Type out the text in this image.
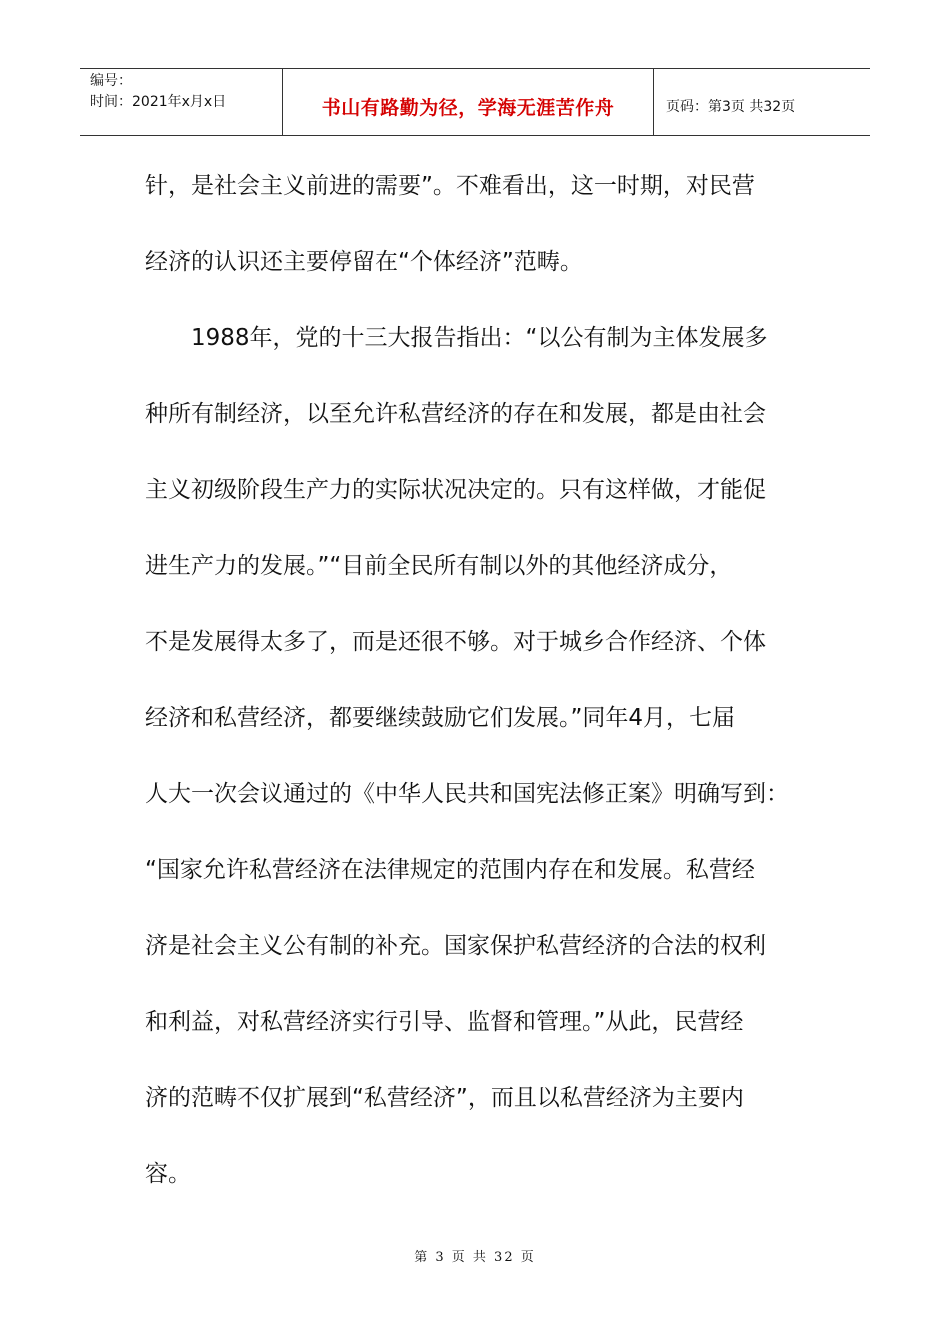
编号：
时间：2021年x月x日	书山有路勤为径，学海无涯苦作舟	页码：第3页 共32页
针，是社会主义前进的需要”。不难看出，这一时期，对民营
经济的认识还主要停留在“个体经济”范畴。
1988年，党的十三大报告指出：“以公有制为主体发展多
种所有制经济，以至允许私营经济的存在和发展，都是由社会
主义初级阶段生产力的实际状况决定的。只有这样做，才能促
进生产力的发展。”“目前全民所有制以外的其他经济成分，
不是发展得太多了，而是还很不够。对于城乡合作经济、个体
经济和私营经济，都要继续鼓励它们发展。”同年4月，七届
人大一次会议通过的《中华人民共和国宪法修正案》明确写到：
“国家允许私营经济在法律规定的范围内存在和发展。私营经
济是社会主义公有制的补充。国家保护私营经济的合法的权利
和利益，对私营经济实行引导、监督和管理。”从此，民营经
济的范畴不仅扩展到“私营经济”，而且以私营经济为主要内
容。
第 3 页 共 32 页
